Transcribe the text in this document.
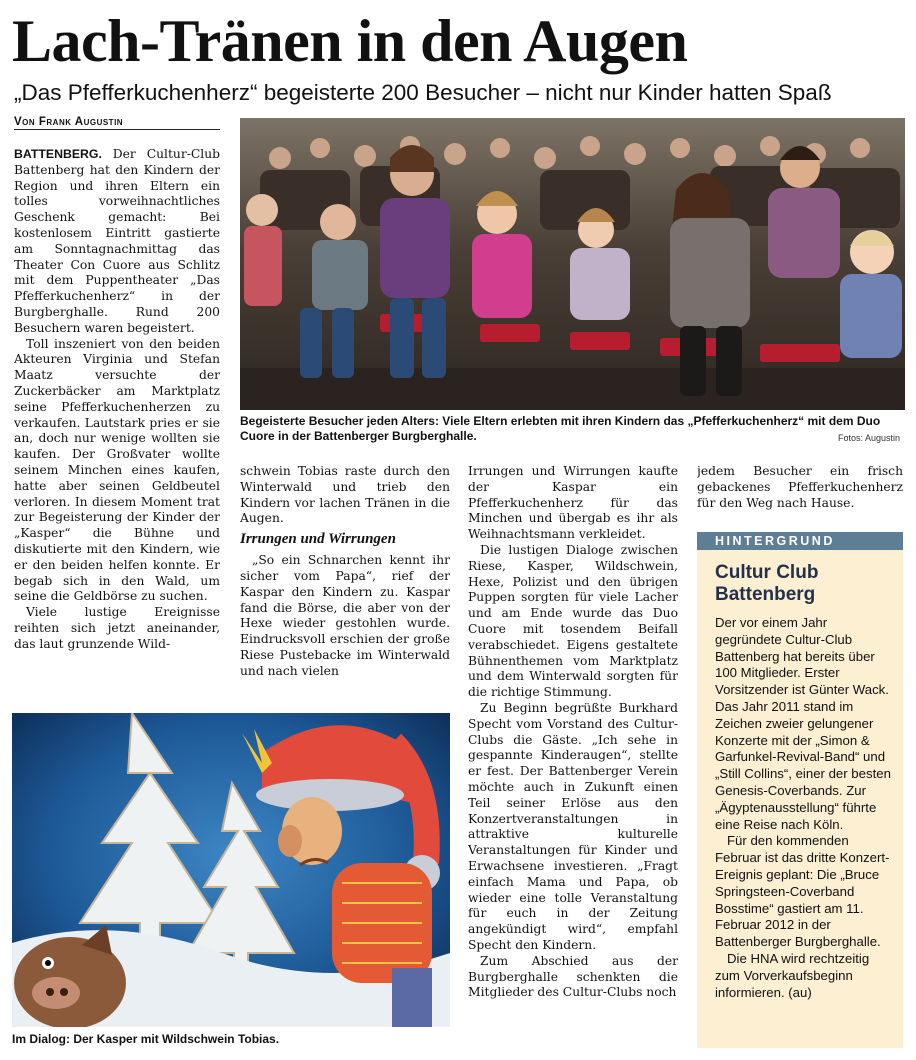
Lach-Tränen in den Augen
„Das Pfefferkuchenherz“ begeisterte 200 Besucher – nicht nur Kinder hatten Spaß
Von Frank Augustin

BATTENBERG. Der Cultur-Club Battenberg hat den Kindern der Region und ihren Eltern ein tolles vorweihnachtliches Geschenk gemacht: Bei kostenlosem Eintritt gastierte am Sonntagnachmittag das Theater Con Cuore aus Schlitz mit dem Puppentheater „Das Pfefferkuchenherz“ in der Burgberghalle. Rund 200 Besuchern waren begeistert.

Toll inszeniert von den beiden Akteuren Virginia und Stefan Maatz versuchte der Zuckerbäcker am Marktplatz seine Pfefferkuchenherzen zu verkaufen. Lautstark pries er sie an, doch nur wenige wollten sie kaufen. Der Großvater wollte seinem Minchen eines kaufen, hatte aber seinen Geldbeutel verloren. In diesem Moment trat zur Begeisterung der Kinder der „Kasper“ die Bühne und diskutierte mit den Kindern, wie er den beiden helfen konnte. Er begab sich in den Wald, um seine die Geldbörse zu suchen.

Viele lustige Ereignisse reihten sich jetzt aneinander, das laut grunzende Wild-

Begeisterte Besucher jeden Alters: Viele Eltern erlebten mit ihren Kindern das „Pfefferkuchenherz“ mit dem Duo Cuore in der Battenberger Burgberghalle.	Fotos: Augustin

schwein Tobias raste durch den Winterwald und trieb den Kindern vor lachen Tränen in die Augen.

Irrungen und Wirrungen

„So ein Schnarchen kennt ihr sicher vom Papa“, rief der Kaspar den Kindern zu. Kaspar fand die Börse, die aber von der Hexe wieder gestohlen wurde. Eindrucksvoll erschien der große Riese Pustebacke im Winterwald und nach vielen

Irrungen und Wirrungen kaufte der Kaspar ein Pfefferkuchenherz für das Minchen und übergab es ihr als Weihnachtsmann verkleidet.

Die lustigen Dialoge zwischen Riese, Kasper, Wildschwein, Hexe, Polizist und den übrigen Puppen sorgten für viele Lacher und am Ende wurde das Duo Cuore mit tosendem Beifall verabschiedet. Eigens gestaltete Bühnenthemen vom Marktplatz und dem Winterwald sorgten für die richtige Stimmung.

Zu Beginn begrüßte Burkhard Specht vom Vorstand des Cultur-Clubs die Gäste. „Ich sehe in gespannte Kinderaugen“, stellte er fest. Der Battenberger Verein möchte auch in Zukunft einen Teil seiner Erlöse aus den Konzertveranstaltungen in attraktive kulturelle Veranstaltungen für Kinder und Erwachsene investieren. „Fragt einfach Mama und Papa, ob wieder eine tolle Veranstaltung für euch in der Zeitung angekündigt wird“, empfahl Specht den Kindern.

Zum Abschied aus der Burgberghalle schenkten die Mitglieder des Cultur-Clubs noch

jedem Besucher ein frisch gebackenes Pfefferkuchenherz für den Weg nach Hause.

Im Dialog: Der Kasper mit Wildschwein Tobias.
HINTERGRUND
Cultur Club Battenberg

Der vor einem Jahr gegründete Cultur-Club Battenberg hat bereits über 100 Mitglieder. Erster Vorsitzender ist Günter Wack. Das Jahr 2011 stand im Zeichen zweier gelungener Konzerte mit der „Simon & Garfunkel-Revival-Band“ und „Still Collins“, einer der besten Genesis-Coverbands. Zur „Ägyptenausstellung“ führte eine Reise nach Köln.

Für den kommenden Februar ist das dritte Konzert-Ereignis geplant: Die „Bruce Springsteen-Coverband Bosstime“ gastiert am 11. Februar 2012 in der Battenberger Burgberghalle.

Die HNA wird rechtzeitig zum Vorverkaufsbeginn informieren. (au)
